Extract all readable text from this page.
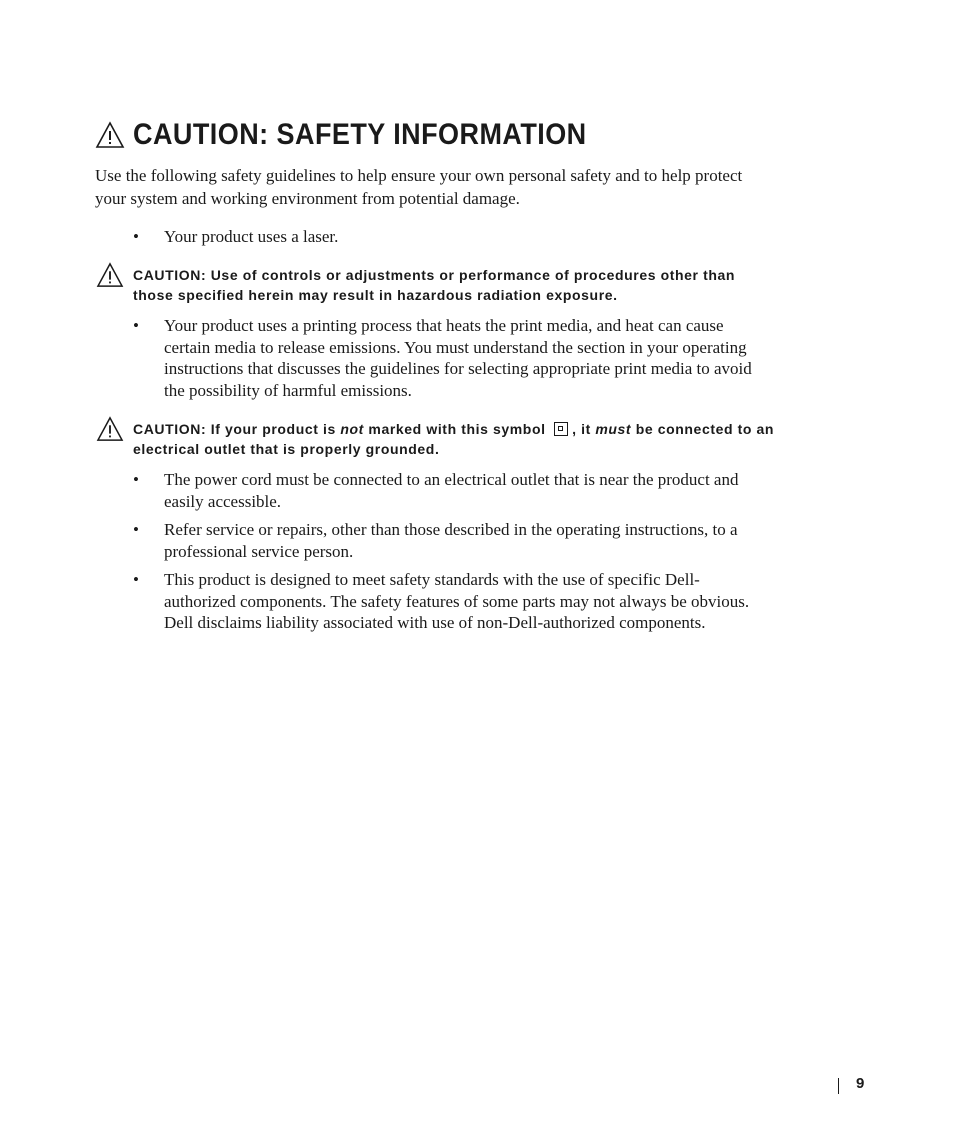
CAUTION: SAFETY INFORMATION

Use the following safety guidelines to help ensure your own personal safety and to help protect your system and working environment from potential damage.

• Your product uses a laser.

CAUTION: Use of controls or adjustments or performance of procedures other than those specified herein may result in hazardous radiation exposure.

• Your product uses a printing process that heats the print media, and heat can cause certain media to release emissions. You must understand the section in your operating instructions that discusses the guidelines for selecting appropriate print media to avoid the possibility of harmful emissions.

CAUTION: If your product is not marked with this symbol , it must be connected to an electrical outlet that is properly grounded.

• The power cord must be connected to an electrical outlet that is near the product and easily accessible.
• Refer service or repairs, other than those described in the operating instructions, to a professional service person.
• This product is designed to meet safety standards with the use of specific Dell-authorized components. The safety features of some parts may not always be obvious. Dell disclaims liability associated with use of non-Dell-authorized components.
9
